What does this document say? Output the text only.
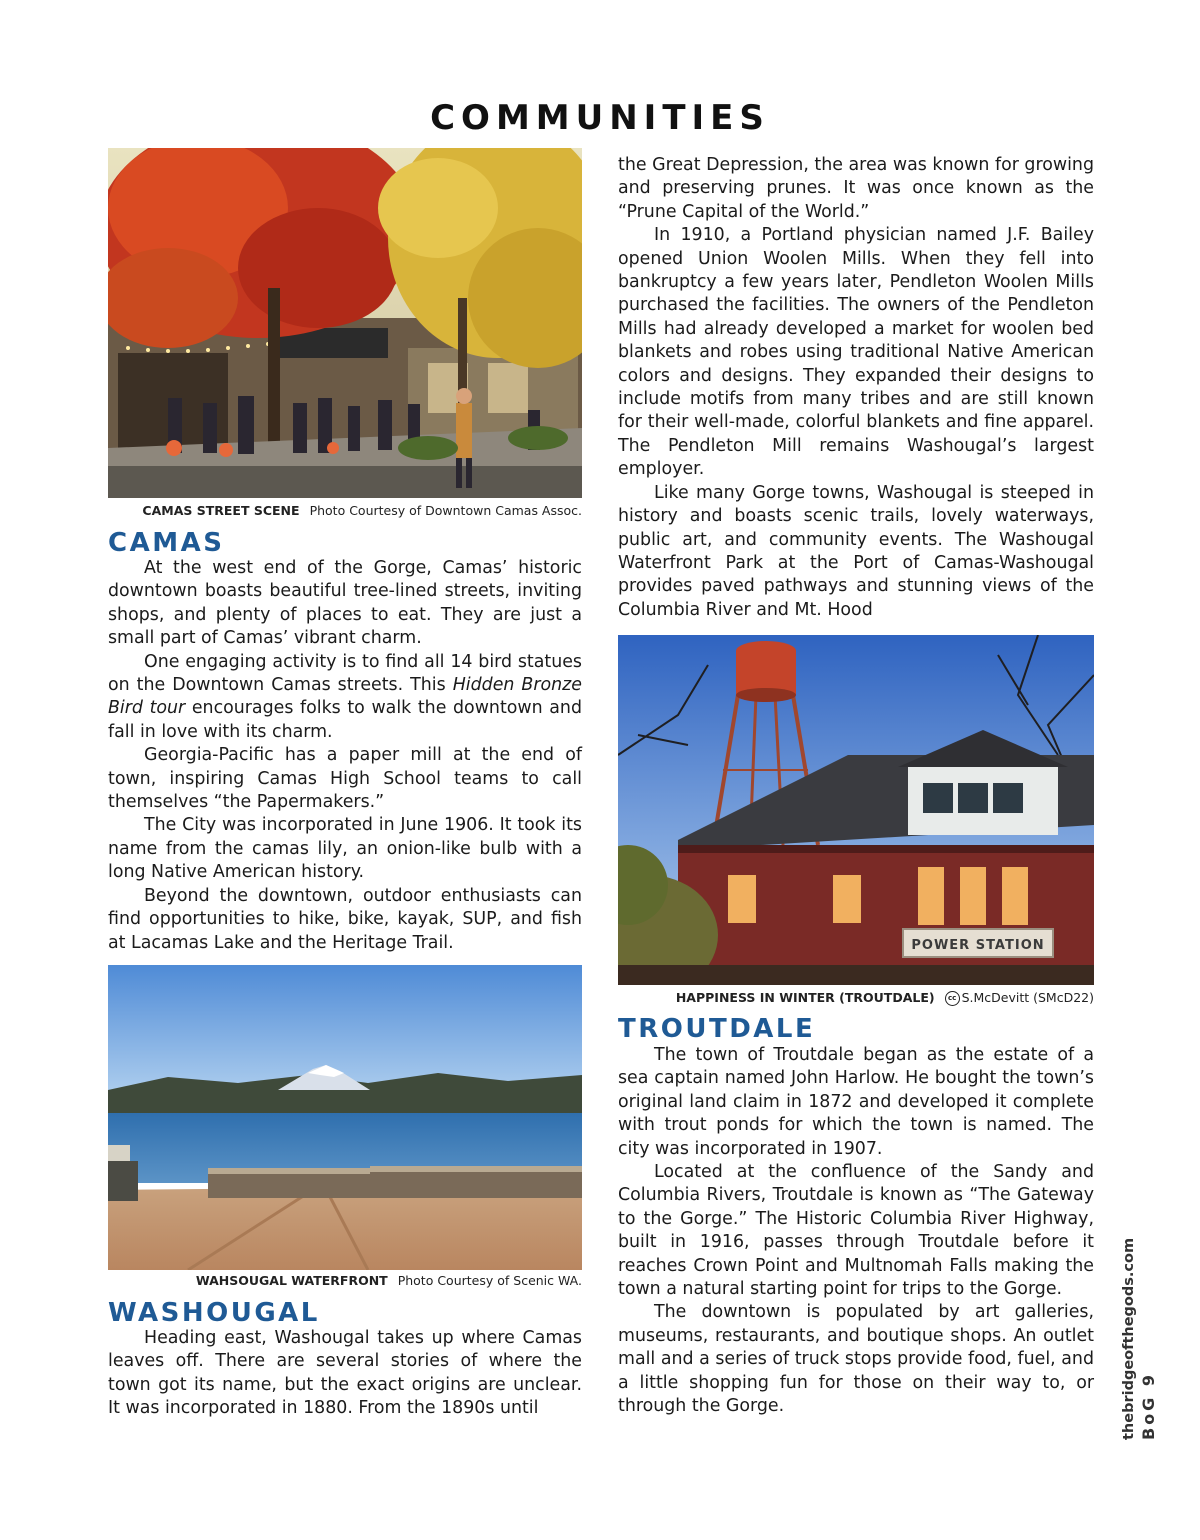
COMMUNITIES
CAMAS STREET SCENE Photo Courtesy of Downtown Camas Assoc.
CAMAS

At the west end of the Gorge, Camas’ historic downtown boasts beautiful tree-lined streets, inviting shops, and plenty of places to eat. They are just a small part of Camas’ vibrant charm.

One engaging activity is to find all 14 bird statues on the Downtown Camas streets. This Hidden Bronze Bird tour encourages folks to walk the downtown and fall in love with its charm.

Georgia-Pacific has a paper mill at the end of town, inspiring Camas High School teams to call themselves “the Papermakers.”

The City was incorporated in June 1906. It took its name from the camas lily, an onion-like bulb with a long Native American history.

Beyond the downtown, outdoor enthusiasts can find opportunities to hike, bike, kayak, SUP, and fish at Lacamas Lake and the Heritage Trail.

WAHSOUGAL WATERFRONT Photo Courtesy of Scenic WA.
WASHOUGAL

Heading east, Washougal takes up where Camas leaves off. There are several stories of where the town got its name, but the exact origins are unclear. It was incorporated in 1880. From the 1890s until

the Great Depression, the area was known for growing and preserving prunes. It was once known as the “Prune Capital of the World.”

In 1910, a Portland physician named J.F. Bailey opened Union Woolen Mills. When they fell into bankruptcy a few years later, Pendleton Woolen Mills purchased the facilities. The owners of the Pendleton Mills had already developed a market for woolen bed blankets and robes using traditional Native American colors and designs. They expanded their designs to include motifs from many tribes and are still known for their well-made, colorful blankets and fine apparel. The Pendleton Mill remains Washougal’s largest employer.

Like many Gorge towns, Washougal is steeped in history and boasts scenic trails, lovely waterways, public art, and community events. The Washougal Waterfront Park at the Port of Camas-Washougal provides paved pathways and stunning views of the Columbia River and Mt. Hood

POWER STATION
HAPPINESS IN WINTER (TROUTDALE) cc S.McDevitt (SMcD22)
TROUTDALE

The town of Troutdale began as the estate of a sea captain named John Harlow. He bought the town’s original land claim in 1872 and developed it complete with trout ponds for which the town is named. The city was incorporated in 1907.

Located at the confluence of the Sandy and Columbia Rivers, Troutdale is known as “The Gateway to the Gorge.” The Historic Columbia River Highway, built in 1916, passes through Troutdale before it reaches Crown Point and Multnomah Falls making the town a natural starting point for trips to the Gorge.

The downtown is populated by art galleries, museums, restaurants, and boutique shops. An outlet mall and a series of truck stops provide food, fuel, and a little shopping fun for those on their way to, or through the Gorge.	thebridgeofthegods.com BoG 9
